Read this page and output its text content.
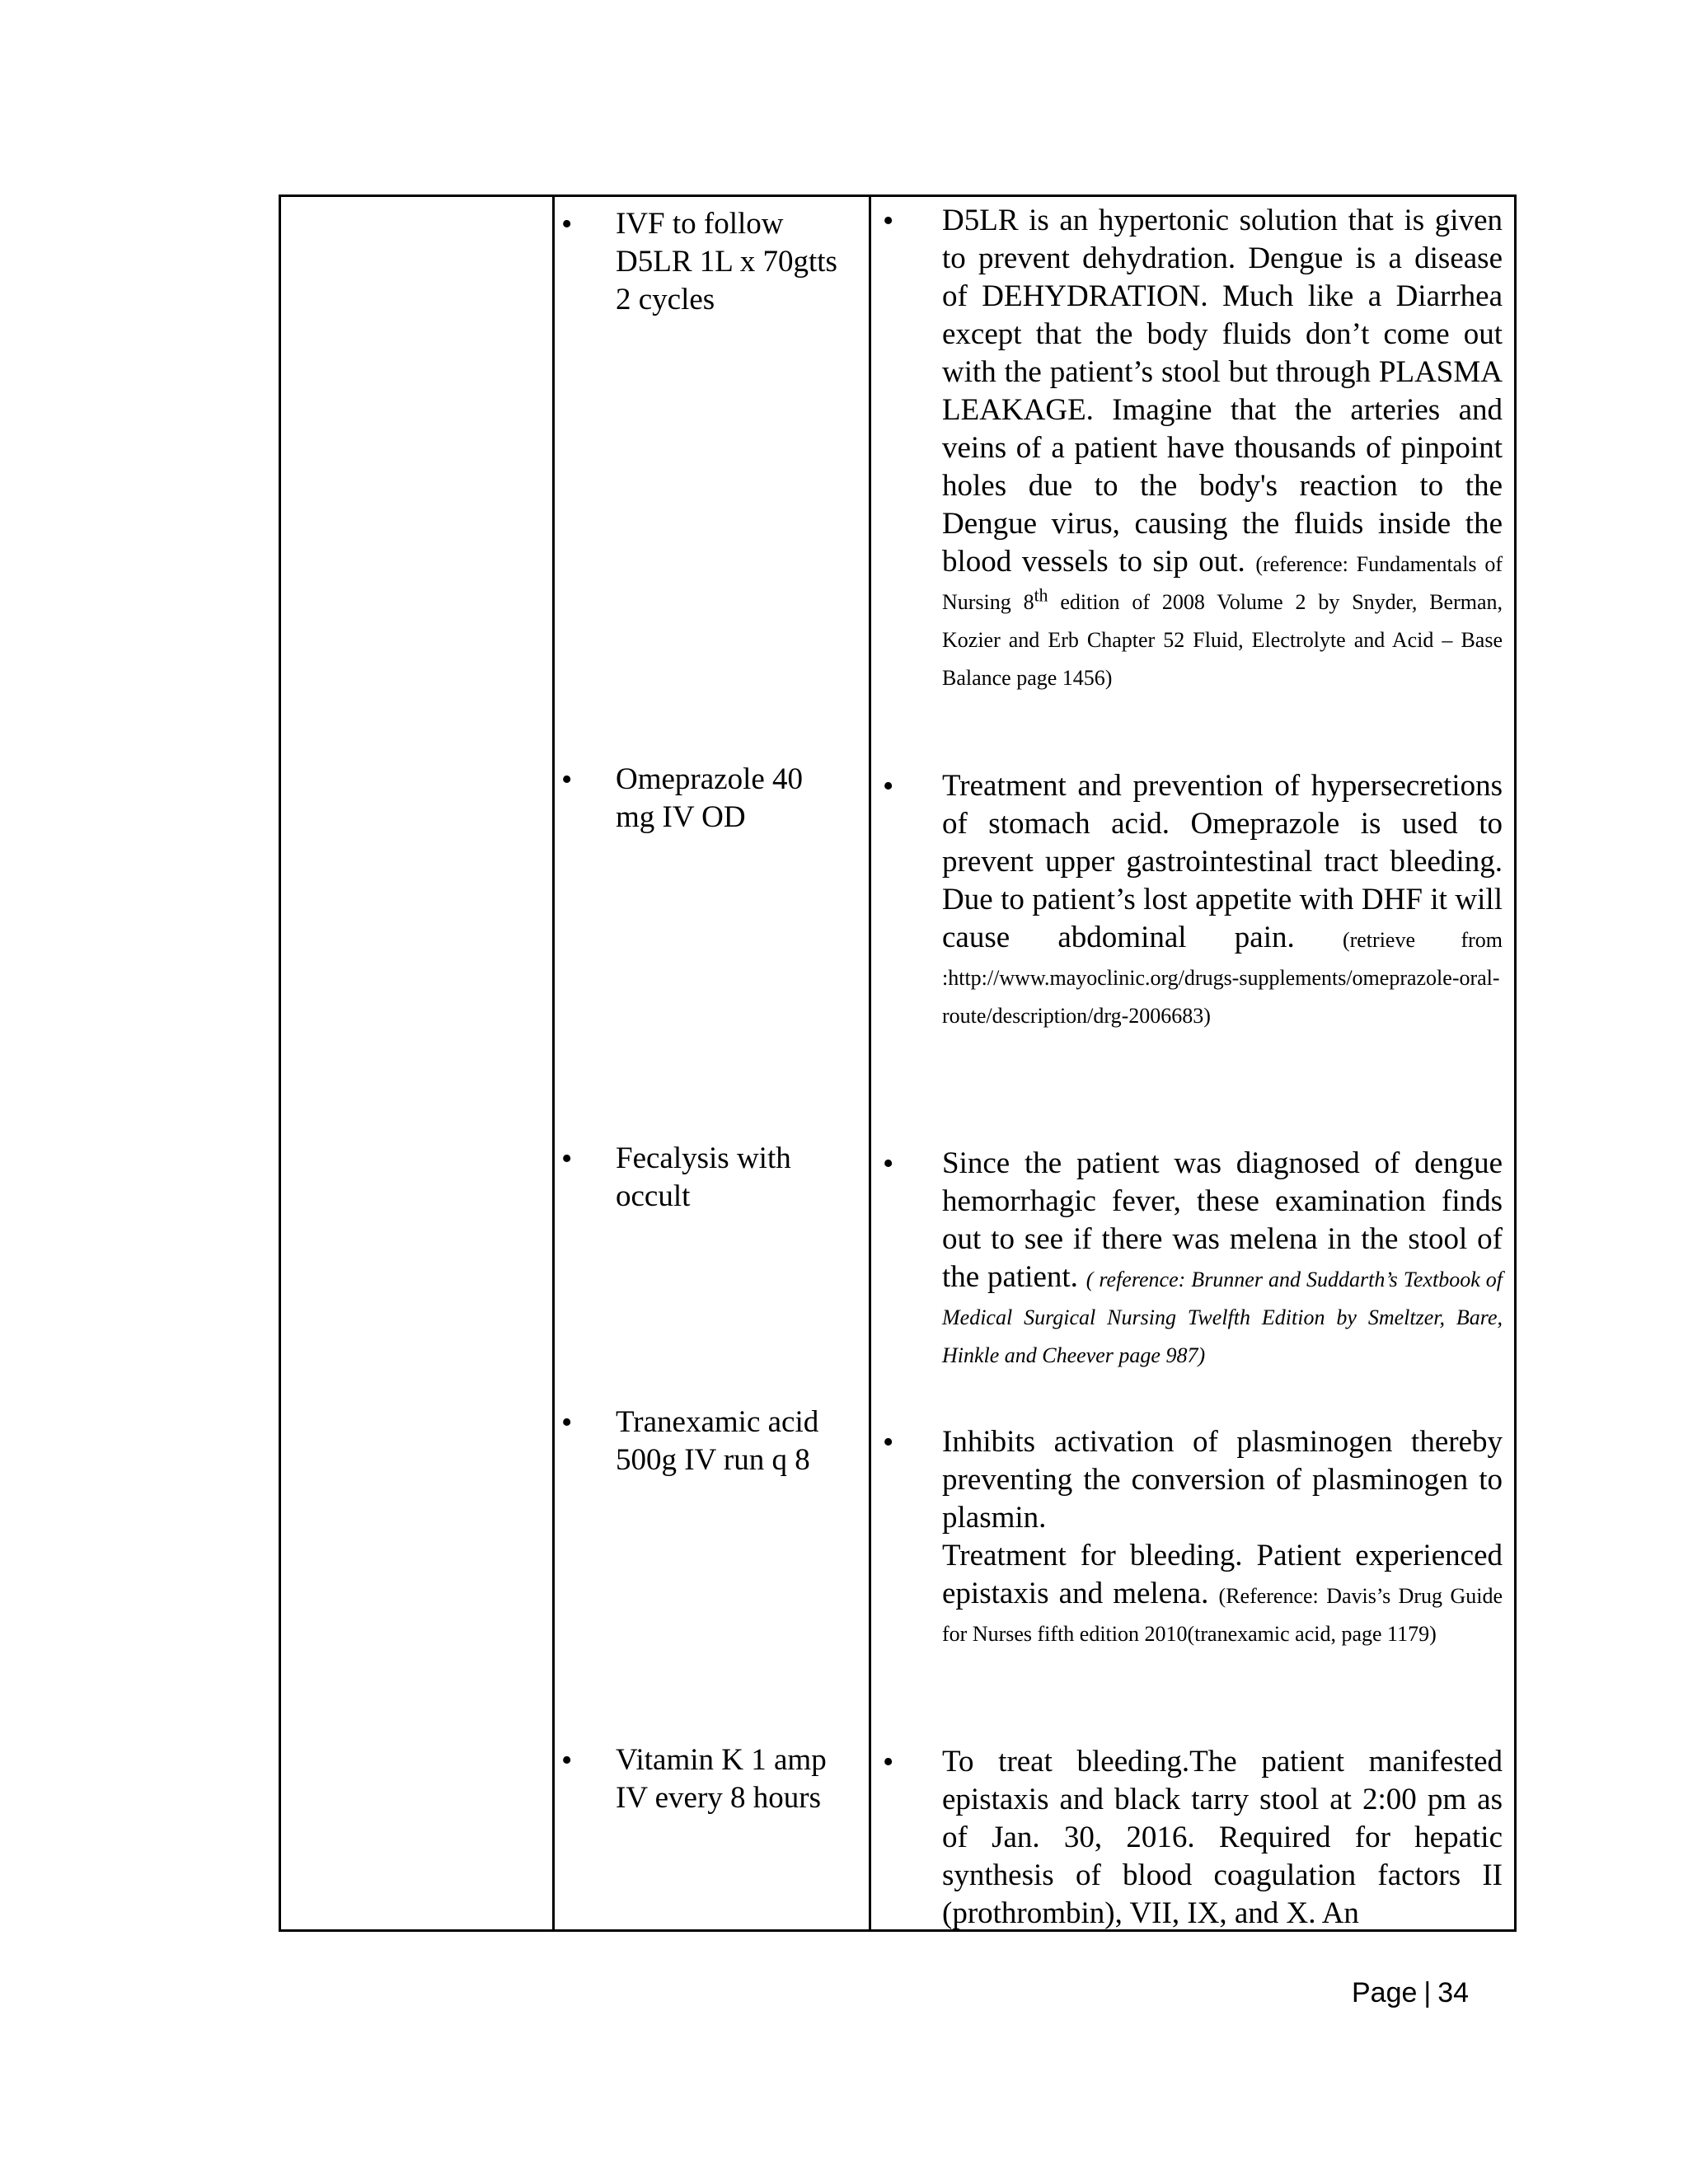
• IVF to follow
D5LR 1L x 70gtts
2 cycles
• D5LR is an hypertonic solution that is given to prevent dehydration. Dengue is a disease of DEHYDRATION. Much like a Diarrhea except that the body fluids don’t come out with the patient’s stool but through PLASMA LEAKAGE. Imagine that the arteries and veins of a patient have thousands of pinpoint holes due to the body's reaction to the Dengue virus, causing the fluids inside the blood vessels to sip out. (reference: Fundamentals of Nursing 8th edition of 2008 Volume 2 by Snyder, Berman, Kozier and Erb Chapter 52 Fluid, Electrolyte and Acid – Base Balance page 1456)
• Omeprazole 40
mg IV OD
• Treatment and prevention of hypersecretions of stomach acid. Omeprazole is used to prevent upper gastrointestinal tract bleeding. Due to patient’s lost appetite with DHF it will cause abdominal pain. (retrieve from :http://www.mayoclinic.org/drugs-supplements/omeprazole-oral-route/description/drg-2006683)
• Fecalysis with
occult
• Since the patient was diagnosed of dengue hemorrhagic fever, these examination finds out to see if there was melena in the stool of the patient. ( reference: Brunner and Suddarth’s Textbook of Medical Surgical Nursing Twelfth Edition by Smeltzer, Bare, Hinkle and Cheever page 987)
• Tranexamic acid
500g IV run q 8
• Inhibits activation of plasminogen thereby preventing the conversion of plasminogen to plasmin.
Treatment for bleeding. Patient experienced epistaxis and melena. (Reference: Davis’s Drug Guide for Nurses fifth edition 2010(tranexamic acid, page 1179)
• Vitamin K 1 amp
IV every 8 hours
• To treat bleeding.The patient manifested epistaxis and black tarry stool at 2:00 pm as of Jan. 30, 2016. Required for hepatic synthesis of blood coagulation factors II (prothrombin), VII, IX, and X. An
Page | 34
